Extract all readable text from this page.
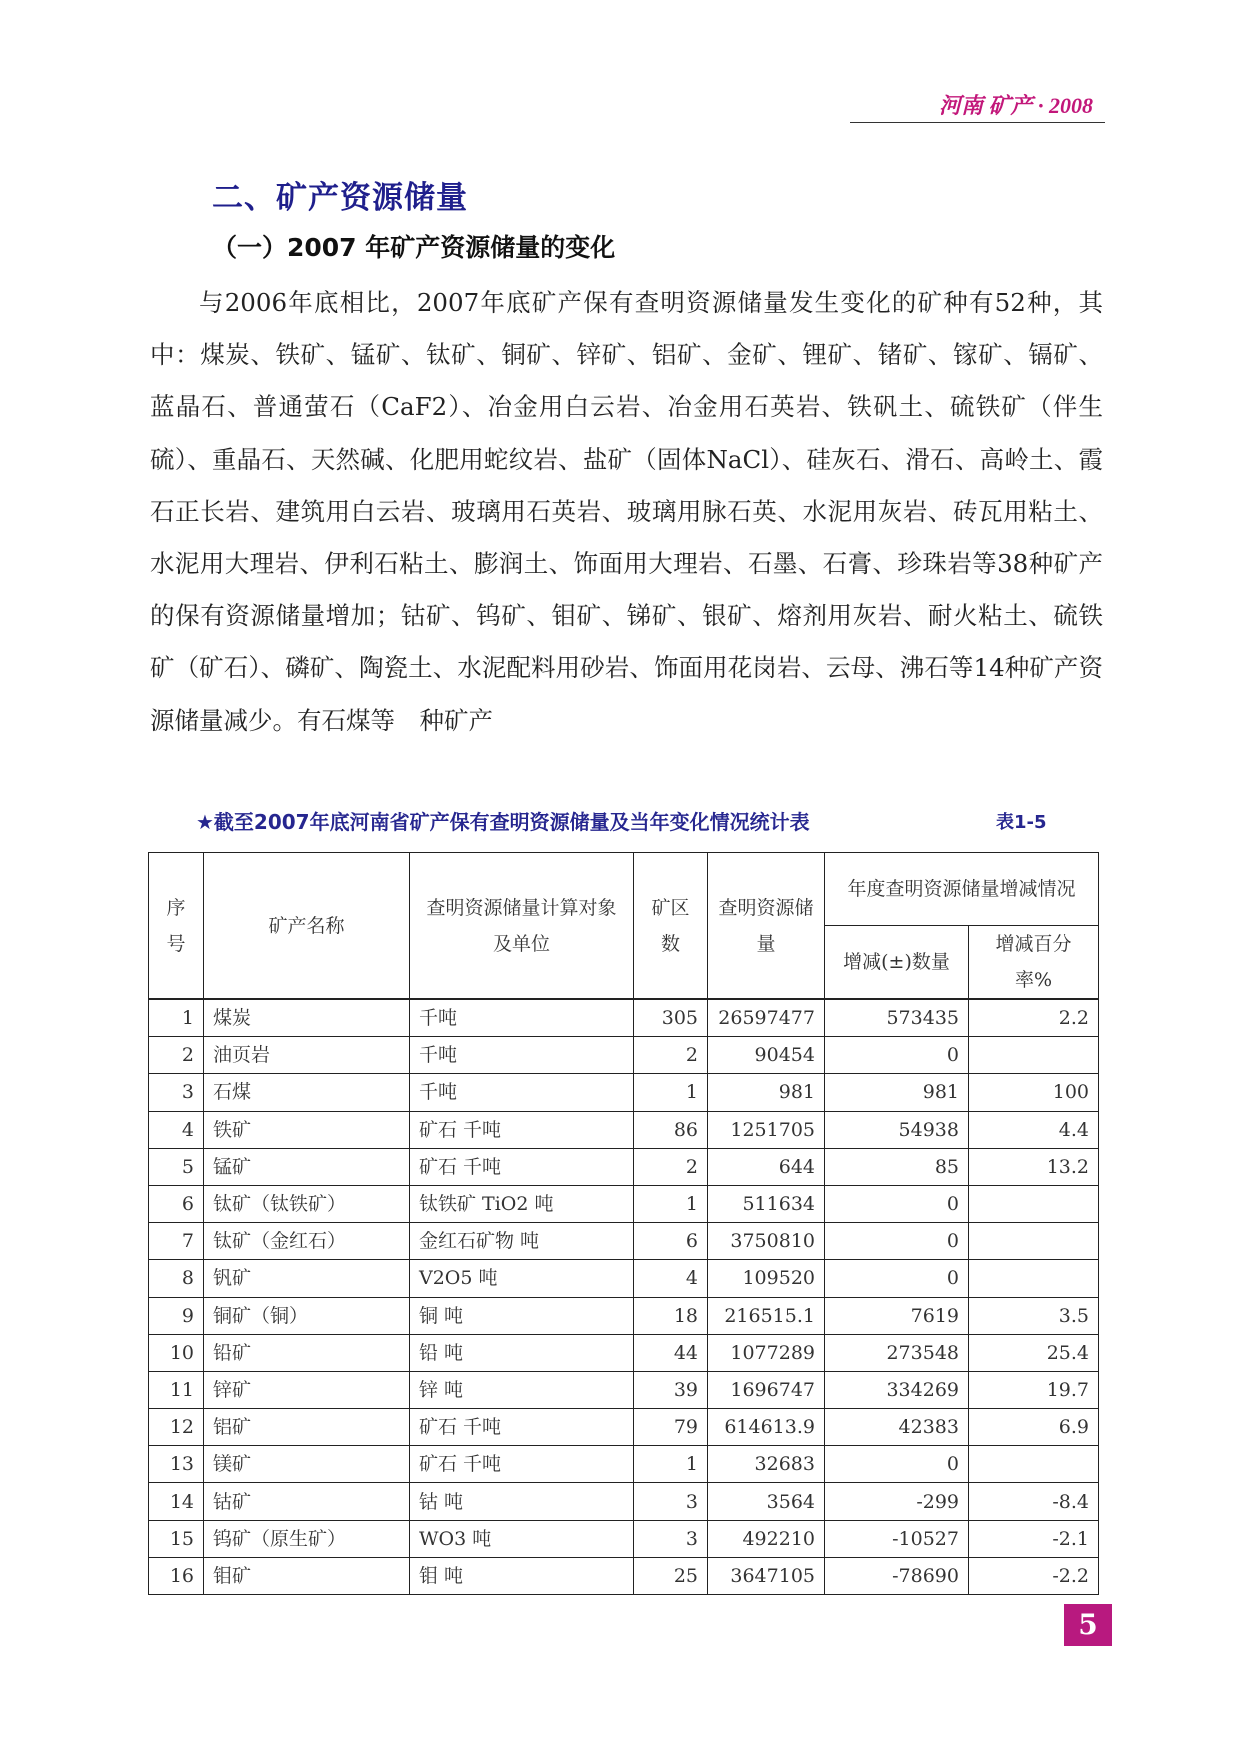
河南 矿产 · 2008
二、矿产资源储量
（一）2007 年矿产资源储量的变化

与2006年底相比，2007年底矿产保有查明资源储量发生变化的矿种有52种，其中：煤炭、铁矿、锰矿、钛矿、铜矿、锌矿、铝矿、金矿、锂矿、锗矿、镓矿、镉矿、蓝晶石、普通萤石（CaF2）、冶金用白云岩、冶金用石英岩、铁矾土、硫铁矿（伴生硫）、重晶石、天然碱、化肥用蛇纹岩、盐矿（固体NaCl）、硅灰石、滑石、高岭土、霞石正长岩、建筑用白云岩、玻璃用石英岩、玻璃用脉石英、水泥用灰岩、砖瓦用粘土、水泥用大理岩、伊利石粘土、膨润土、饰面用大理岩、石墨、石膏、珍珠岩等38种矿产的保有资源储量增加；钴矿、钨矿、钼矿、锑矿、银矿、熔剂用灰岩、耐火粘土、硫铁矿（矿石）、磷矿、陶瓷土、水泥配料用砂岩、饰面用花岗岩、云母、沸石等14种矿产资源储量减少。有石煤等　种矿产

★截至2007年底河南省矿产保有查明资源储量及当年变化情况统计表	表1-5
序号	矿产名称	查明资源储量计算对象及单位	矿区数	查明资源储量	年度查明资源储量增减情况	
					增减(±)数量	增减百分率%
1	煤炭	千吨	305	26597477	573435	2.2
2	油页岩	千吨	2	90454	0	
3	石煤	千吨	1	981	981	100
4	铁矿	矿石 千吨	86	1251705	54938	4.4
5	锰矿	矿石 千吨	2	644	85	13.2
6	钛矿（钛铁矿）	钛铁矿 TiO2 吨	1	511634	0	
7	钛矿（金红石）	金红石矿物 吨	6	3750810	0	
8	钒矿	V2O5 吨	4	109520	0	
9	铜矿（铜）	铜 吨	18	216515.1	7619	3.5
10	铅矿	铅 吨	44	1077289	273548	25.4
11	锌矿	锌 吨	39	1696747	334269	19.7
12	铝矿	矿石 千吨	79	614613.9	42383	6.9
13	镁矿	矿石 千吨	1	32683	0	
14	钴矿	钴 吨	3	3564	-299	-8.4
15	钨矿（原生矿）	WO3 吨	3	492210	-10527	-2.1
16	钼矿	钼 吨	25	3647105	-78690	-2.2
5
